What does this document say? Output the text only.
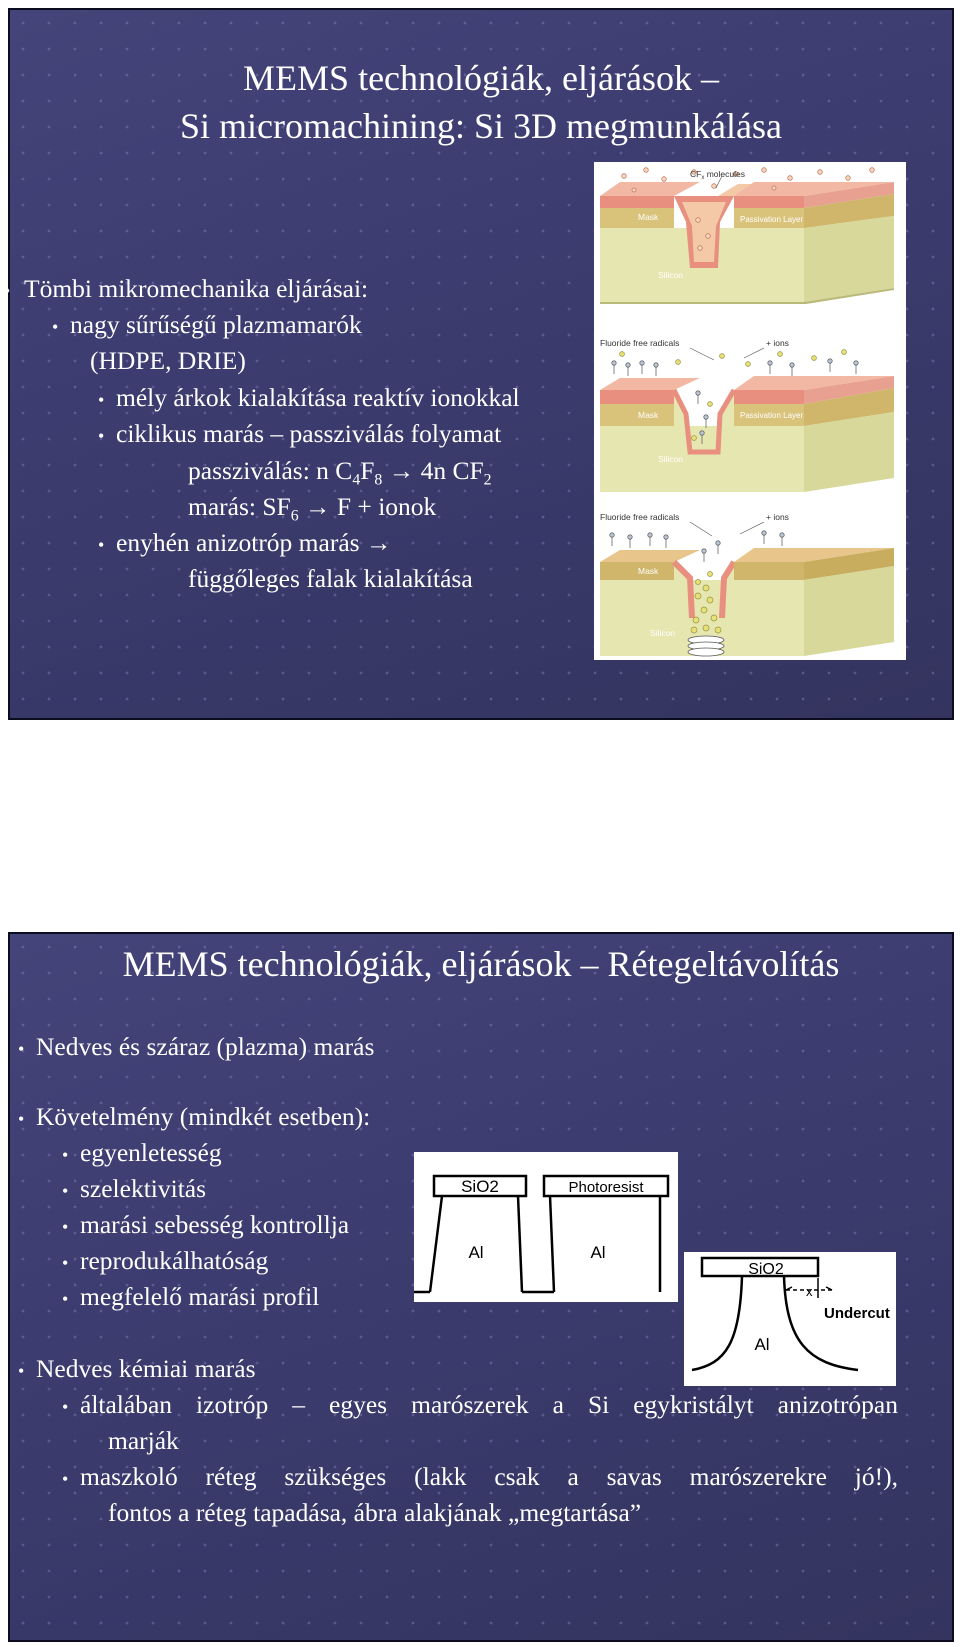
MEMS technológiák, eljárások –
Si micromachining: Si 3D megmunkálása
• Tömbi mikromechanika eljárásai:
• nagy sűrűségű plazmamarók
(HDPE, DRIE)
• mély árkok kialakítása reaktív ionokkal
• ciklikus marás – passziválás folyamat
passziválás: n $C_4F_8 \to 4n$ $CF_2$
marás: $SF_6 \to F$ + ionok
• enyhén anizotróp marás →
függőleges falak kialakítása
$CF_x$ molecules
Mask	Passivation Layer
Silicon
Fluoride free radicals	+ ions
Mask	Passivation Layer
Silicon
Fluoride free radicals	+ ions
Mask
Silicon
MEMS technológiák, eljárások – Rétegeltávolítás
• Nedves és száraz (plazma) marás
• Követelmény (mindkét esetben):
• egyenletesség
• szelektivitás
• marási sebesség kontrollja
• reprodukálhatóság
• megfelelő marási profil
• Nedves kémiai marás
• általában izotróp – egyes marószerek a Si egykristályt anizotrópan
marják
• maszkoló réteg szükséges (lakk csak a savas marószerekre jó!),
fontos a réteg tapadása, ábra alakjának „megtartása”
SiO2	Photoresist
Al	Al
SiO2
x
Undercut
Al
